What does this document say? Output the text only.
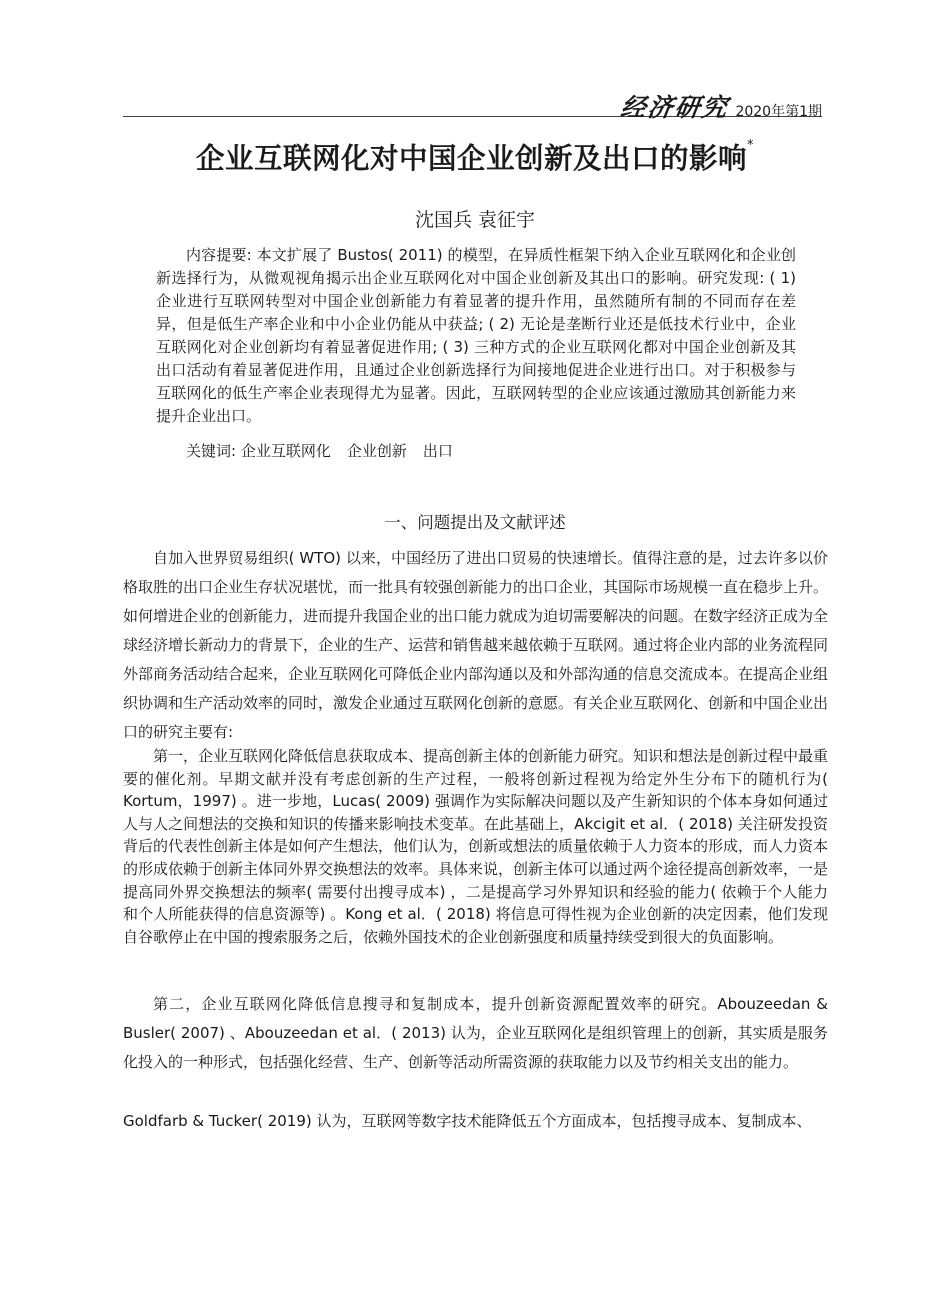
经济研究 2020年第1期
企业互联网化对中国企业创新及出口的影响*
沈国兵 袁征宇

内容提要: 本文扩展了 Bustos( 2011) 的模型，在异质性框架下纳入企业互联网化和企业创新选择行为，从微观视角揭示出企业互联网化对中国企业创新及其出口的影响。研究发现: ( 1) 企业进行互联网转型对中国企业创新能力有着显著的提升作用，虽然随所有制的不同而存在差异，但是低生产率企业和中小企业仍能从中获益; ( 2) 无论是垄断行业还是低技术行业中，企业互联网化对企业创新均有着显著促进作用; ( 3) 三种方式的企业互联网化都对中国企业创新及其出口活动有着显著促进作用，且通过企业创新选择行为间接地促进企业进行出口。对于积极参与互联网化的低生产率企业表现得尤为显著。因此，互联网转型的企业应该通过激励其创新能力来提升企业出口。

关键词: 企业互联网化 企业创新 出口

一、问题提出及文献评述

自加入世界贸易组织( WTO) 以来，中国经历了进出口贸易的快速增长。值得注意的是，过去许多以价格取胜的出口企业生存状况堪忧，而一批具有较强创新能力的出口企业，其国际市场规模一直在稳步上升。如何增进企业的创新能力，进而提升我国企业的出口能力就成为迫切需要解决的问题。在数字经济正成为全球经济增长新动力的背景下，企业的生产、运营和销售越来越依赖于互联网。通过将企业内部的业务流程同外部商务活动结合起来，企业互联网化可降低企业内部沟通以及和外部沟通的信息交流成本。在提高企业组织协调和生产活动效率的同时，激发企业通过互联网化创新的意愿。有关企业互联网化、创新和中国企业出口的研究主要有:

第一，企业互联网化降低信息获取成本、提高创新主体的创新能力研究。知识和想法是创新过程中最重要的催化剂。早期文献并没有考虑创新的生产过程，一般将创新过程视为给定外生分布下的随机行为( Kortum，1997) 。进一步地，Lucas( 2009) 强调作为实际解决问题以及产生新知识的个体本身如何通过人与人之间想法的交换和知识的传播来影响技术变革。在此基础上，Akcigit et al．( 2018) 关注研发投资背后的代表性创新主体是如何产生想法，他们认为，创新或想法的质量依赖于人力资本的形成，而人力资本的形成依赖于创新主体同外界交换想法的效率。具体来说，创新主体可以通过两个途径提高创新效率，一是提高同外界交换想法的频率( 需要付出搜寻成本) ，二是提高学习外界知识和经验的能力( 依赖于个人能力和个人所能获得的信息资源等) 。Kong et al．( 2018) 将信息可得性视为企业创新的决定因素，他们发现自谷歌停止在中国的搜索服务之后，依赖外国技术的企业创新强度和质量持续受到很大的负面影响。

第二，企业互联网化降低信息搜寻和复制成本，提升创新资源配置效率的研究。Abouzeedan & Busler( 2007) 、Abouzeedan et al．( 2013) 认为，企业互联网化是组织管理上的创新，其实质是服务化投入的一种形式，包括强化经营、生产、创新等活动所需资源的获取能力以及节约相关支出的能力。

Goldfarb & Tucker( 2019) 认为，互联网等数字技术能降低五个方面成本，包括搜寻成本、复制成本、
